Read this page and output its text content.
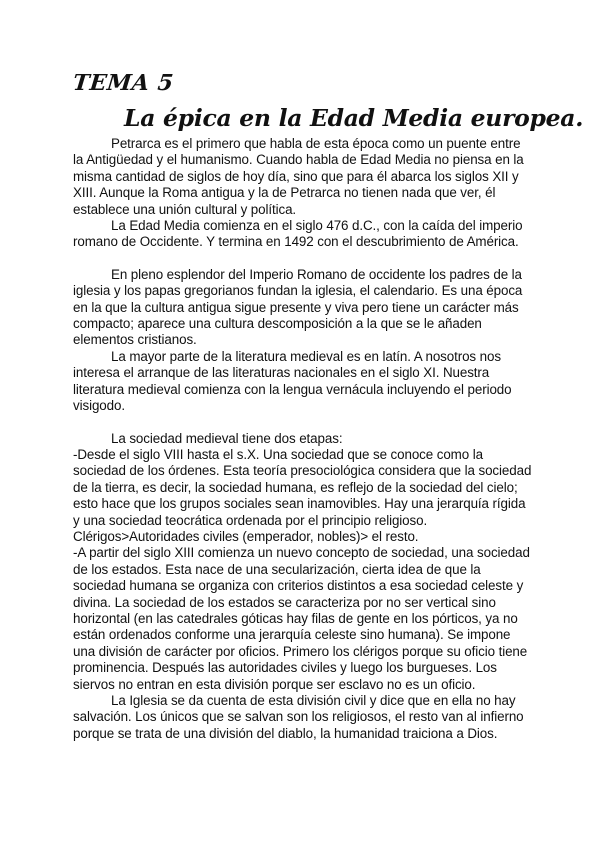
TEMA 5
La épica en la Edad Media europea.

Petrarca es el primero que habla de esta época como un puente entre la Antigüedad y el humanismo. Cuando habla de Edad Media no piensa en la misma cantidad de siglos de hoy día, sino que para él abarca los siglos XII y XIII. Aunque la Roma antigua y la de Petrarca no tienen nada que ver, él establece una unión cultural y política.

La Edad Media comienza en el siglo 476 d.C., con la caída del imperio romano de Occidente. Y termina en 1492 con el descubrimiento de América.

En pleno esplendor del Imperio Romano de occidente los padres de la iglesia y los papas gregorianos fundan la iglesia, el calendario. Es una época en la que la cultura antigua sigue presente y viva pero tiene un carácter más compacto; aparece una cultura descomposición a la que se le añaden elementos cristianos.

La mayor parte de la literatura medieval es en latín. A nosotros nos interesa el arranque de las literaturas nacionales en el siglo XI. Nuestra literatura medieval comienza con la lengua vernácula incluyendo el periodo visigodo.

La sociedad medieval tiene dos etapas:

-Desde el siglo VIII hasta el s.X. Una sociedad que se conoce como la sociedad de los órdenes. Esta teoría presociológica considera que la sociedad de la tierra, es decir, la sociedad humana, es reflejo de la sociedad del cielo; esto hace que los grupos sociales sean inamovibles. Hay una jerarquía rígida y una sociedad teocrática ordenada por el principio religioso.

Clérigos>Autoridades civiles (emperador, nobles)> el resto.

-A partir del siglo XIII comienza un nuevo concepto de sociedad, una sociedad de los estados. Esta nace de una secularización, cierta idea de que la sociedad humana se organiza con criterios distintos a esa sociedad celeste y divina. La sociedad de los estados se caracteriza por no ser vertical sino horizontal (en las catedrales góticas hay filas de gente en los pórticos, ya no están ordenados conforme una jerarquía celeste sino humana). Se impone una división de carácter por oficios. Primero los clérigos porque su oficio tiene prominencia. Después las autoridades civiles y luego los burgueses. Los siervos no entran en esta división porque ser esclavo no es un oficio.

La Iglesia se da cuenta de esta división civil y dice que en ella no hay salvación. Los únicos que se salvan son los religiosos, el resto van al infierno porque se trata de una división del diablo, la humanidad traiciona a Dios.
